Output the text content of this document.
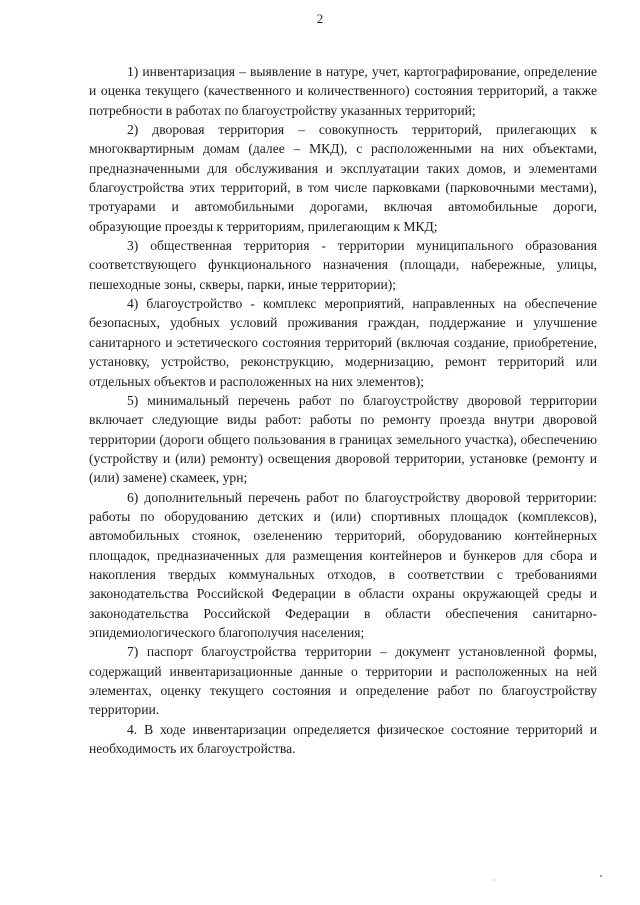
2

1) инвентаризация – выявление в натуре, учет, картографирование, определение и оценка текущего (качественного и количественного) состояния территорий, а также потребности в работах по благоустройству указанных территорий;

2) дворовая территория – совокупность территорий, прилегающих к многоквартирным домам (далее – МКД), с расположенными на них объектами, предназначенными для обслуживания и эксплуатации таких домов, и элементами благоустройства этих территорий, в том числе парковками (парковочными местами), тротуарами и автомобильными дорогами, включая автомобильные дороги, образующие проезды к территориям, прилегающим к МКД;

3) общественная территория - территории муниципального образования соответствующего функционального назначения (площади, набережные, улицы, пешеходные зоны, скверы, парки, иные территории);

4) благоустройство - комплекс мероприятий, направленных на обеспечение безопасных, удобных условий проживания граждан, поддержание и улучшение санитарного и эстетического состояния территорий (включая создание, приобретение, установку, устройство, реконструкцию, модернизацию, ремонт территорий или отдельных объектов и расположенных на них элементов);

5) минимальный перечень работ по благоустройству дворовой территории включает следующие виды работ: работы по ремонту проезда внутри дворовой территории (дороги общего пользования в границах земельного участка), обеспечению (устройству и (или) ремонту) освещения дворовой территории, установке (ремонту и (или) замене) скамеек, урн;

6) дополнительный перечень работ по благоустройству дворовой территории: работы по оборудованию детских и (или) спортивных площадок (комплексов), автомобильных стоянок, озеленению территорий, оборудованию контейнерных площадок, предназначенных для размещения контейнеров и бункеров для сбора и накопления твердых коммунальных отходов, в соответствии с требованиями законодательства Российской Федерации в области охраны окружающей среды и законодательства Российской Федерации в области обеспечения санитарно-эпидемиологического благополучия населения;

7) паспорт благоустройства территории – документ установленной формы, содержащий инвентаризационные данные о территории и расположенных на ней элементах, оценку текущего состояния и определение работ по благоустройству территории.

4. В ходе инвентаризации определяется физическое состояние территорий и необходимость их благоустройства.
